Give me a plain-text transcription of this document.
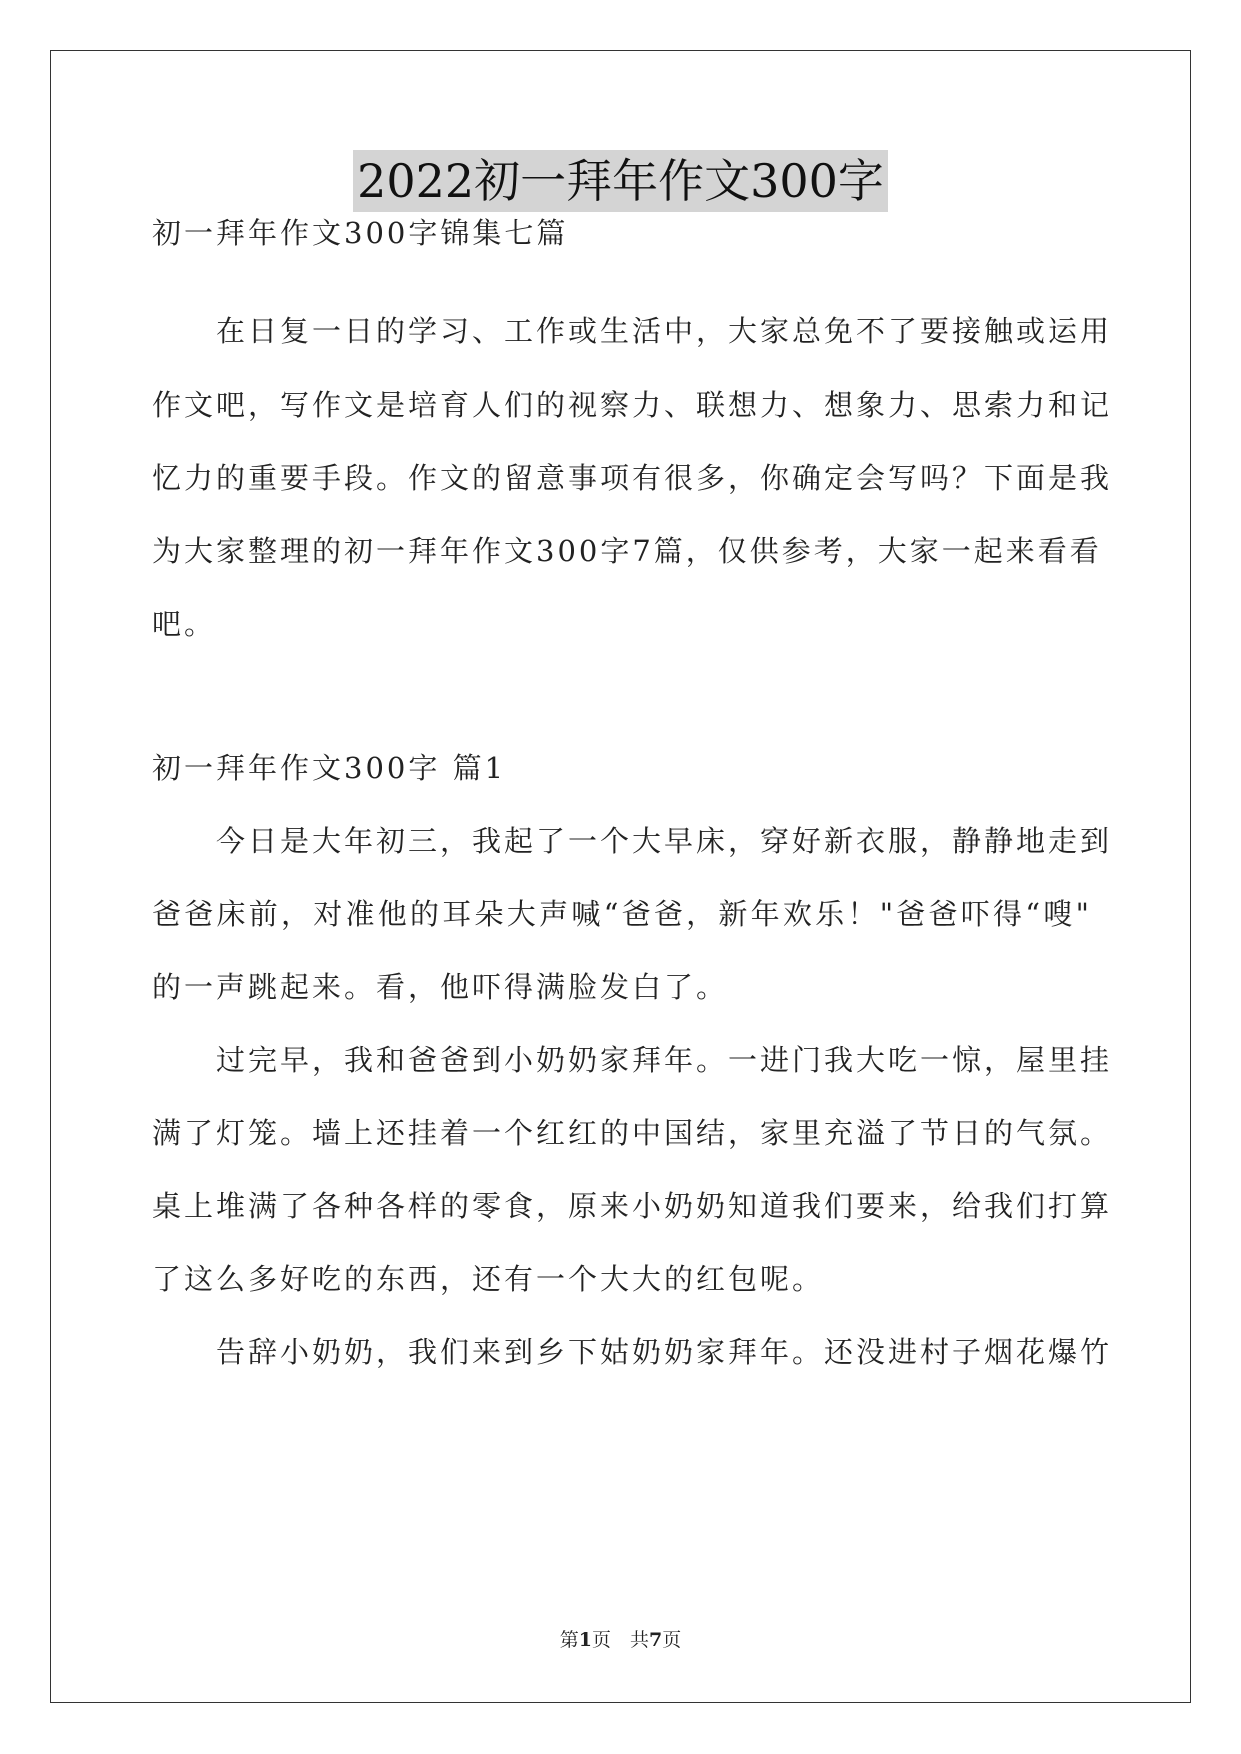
2022初一拜年作文300字
初一拜年作文300字锦集七篇
在日复一日的学习、工作或生活中，大家总免不了要接触或运用
作文吧，写作文是培育人们的视察力、联想力、想象力、思索力和记
忆力的重要手段。作文的留意事项有很多，你确定会写吗？下面是我
为大家整理的初一拜年作文300字7篇，仅供参考，大家一起来看看
吧。
初一拜年作文300字 篇1
今日是大年初三，我起了一个大早床，穿好新衣服，静静地走到
爸爸床前，对准他的耳朵大声喊“爸爸，新年欢乐！"爸爸吓得“嗖"
的一声跳起来。看，他吓得满脸发白了。
过完早，我和爸爸到小奶奶家拜年。一进门我大吃一惊，屋里挂
满了灯笼。墙上还挂着一个红红的中国结，家里充溢了节日的气氛。
桌上堆满了各种各样的零食，原来小奶奶知道我们要来，给我们打算
了这么多好吃的东西，还有一个大大的红包呢。
告辞小奶奶，我们来到乡下姑奶奶家拜年。还没进村子烟花爆竹
第1页　共7页
